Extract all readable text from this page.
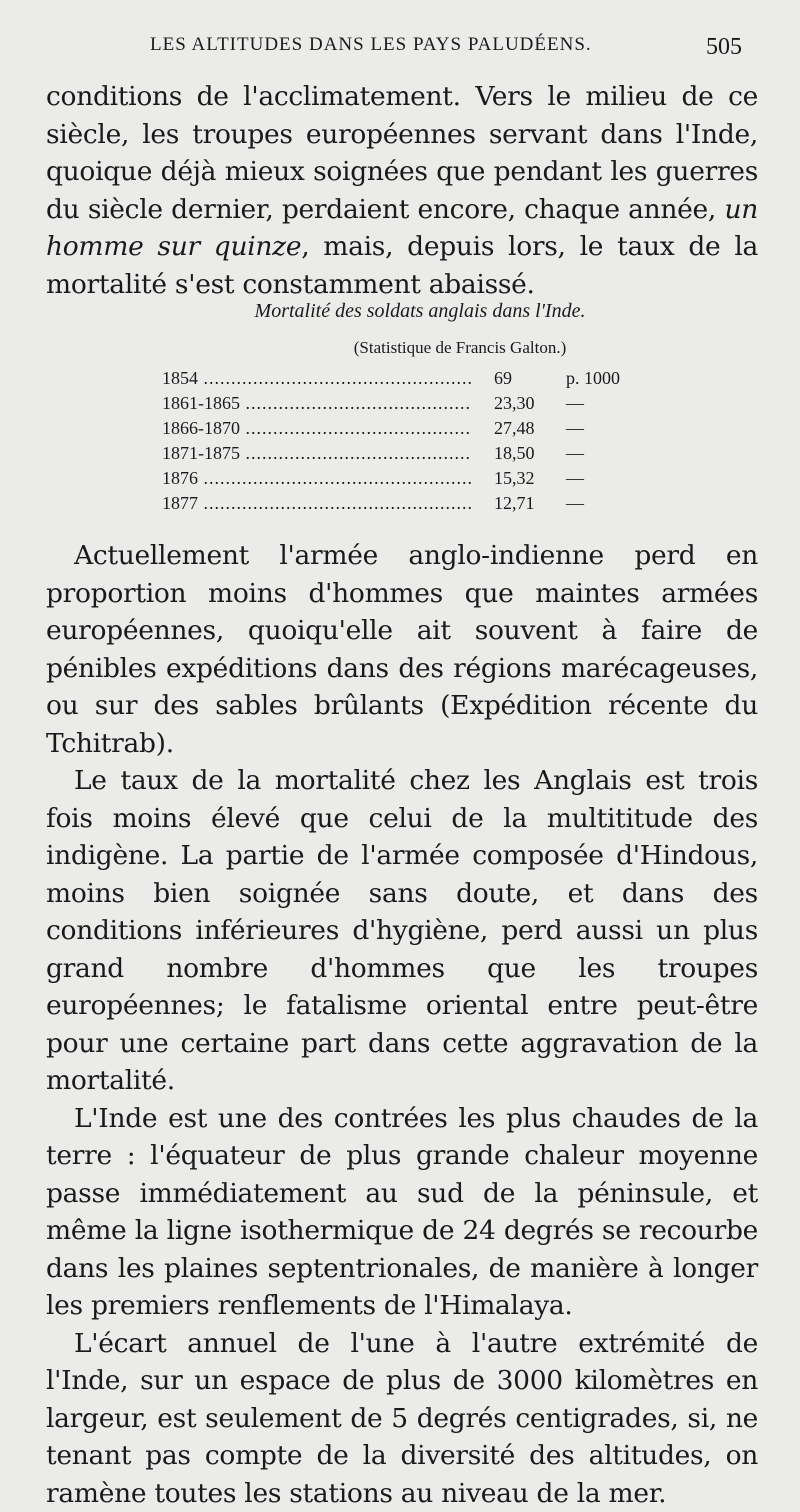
LES ALTITUDES DANS LES PAYS PALUDÉENS.	505

conditions de l'acclimatement. Vers le milieu de ce siècle, les troupes européennes servant dans l'Inde, quoique déjà mieux soignées que pendant les guerres du siècle dernier, perdaient encore, chaque année, un homme sur quinze, mais, depuis lors, le taux de la mortalité s'est constamment abaissé.

Mortalité des soldats anglais dans l'Inde.
(Statistique de Francis Galton.)
1854 .....	69	p. 1000
1861-1865 .....	23,30 —
1866-1870 .....	27,48 —
1871-1875 .....	18,50 —
1876 .....	15,32 —
1877 .....	12,71 —

Actuellement l'armée anglo-indienne perd en proportion moins d'hommes que maintes armées européennes, quoiqu'elle ait souvent à faire de pénibles expéditions dans des régions marécageuses, ou sur des sables brûlants (Expédition récente du Tchitrab).

Le taux de la mortalité chez les Anglais est trois fois moins élevé que celui de la multititude des indigène. La partie de l'armée composée d'Hindous, moins bien soignée sans doute, et dans des conditions inférieures d'hygiène, perd aussi un plus grand nombre d'hommes que les troupes européennes; le fatalisme oriental entre peut-être pour une certaine part dans cette aggravation de la mortalité.

L'Inde est une des contrées les plus chaudes de la terre : l'équateur de plus grande chaleur moyenne passe immédiatement au sud de la péninsule, et même la ligne isothermique de 24 degrés se recourbe dans les plaines septentrionales, de manière à longer les premiers renflements de l'Himalaya.

L'écart annuel de l'une à l'autre extrémité de l'Inde, sur un espace de plus de 3000 kilomètres en largeur, est seulement de 5 degrés centigrades, si, ne tenant pas compte de la diversité des altitudes, on ramène toutes les stations au niveau de la mer.
